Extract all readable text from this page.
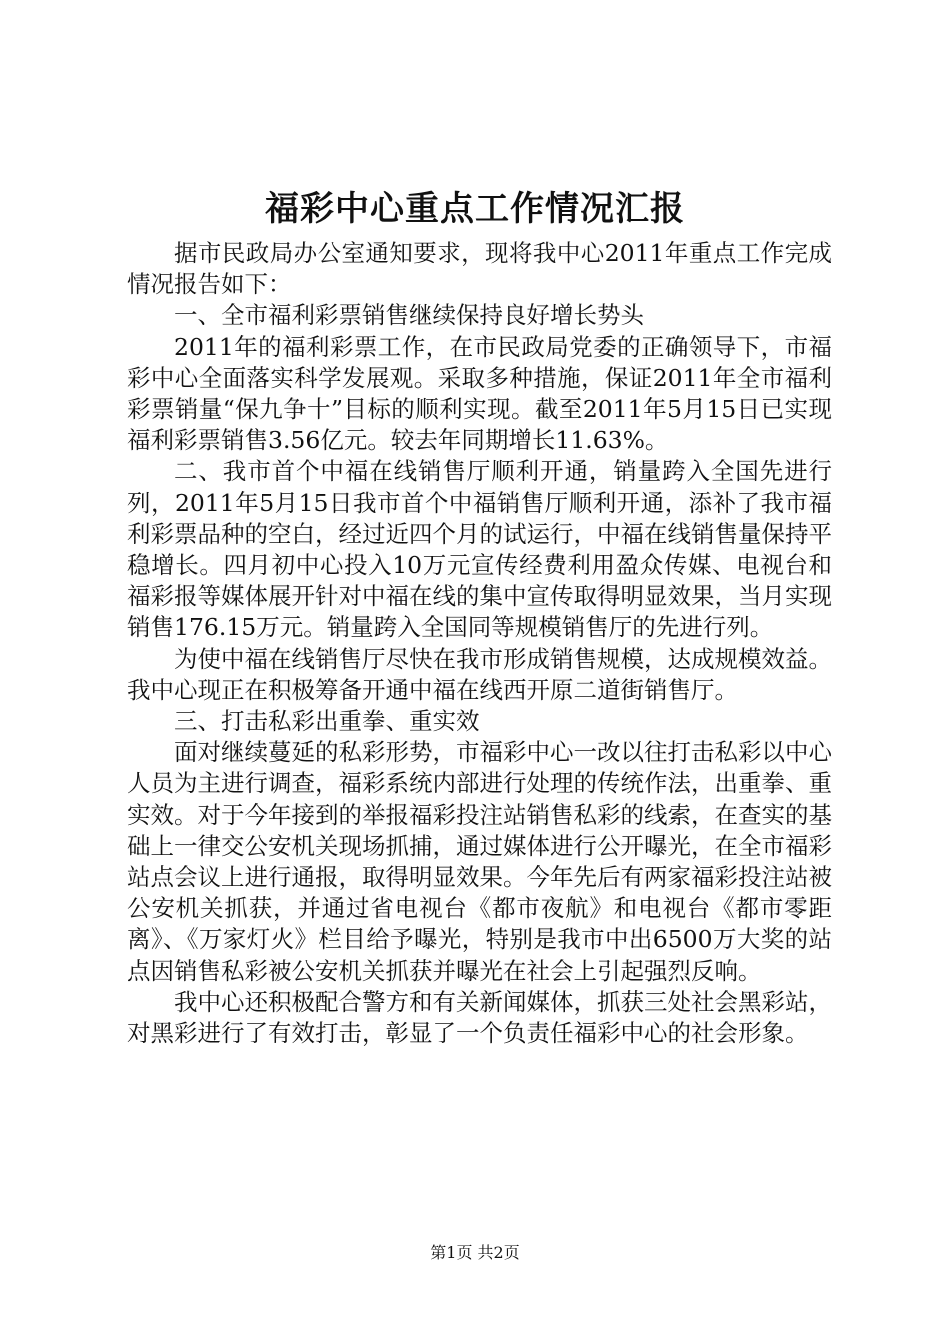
福彩中心重点工作情况汇报

据市民政局办公室通知要求，现将我中心2011年重点工作完成情况报告如下：

一、全市福利彩票销售继续保持良好增长势头

2011年的福利彩票工作，在市民政局党委的正确领导下，市福彩中心全面落实科学发展观。采取多种措施，保证2011年全市福利彩票销量“保九争十”目标的顺利实现。截至2011年5月15日已实现福利彩票销售3.56亿元。较去年同期增长11.63%。

二、我市首个中福在线销售厅顺利开通，销量跨入全国先进行列，2011年5月15日我市首个中福销售厅顺利开通，添补了我市福利彩票品种的空白，经过近四个月的试运行，中福在线销售量保持平稳增长。四月初中心投入10万元宣传经费利用盈众传媒、电视台和福彩报等媒体展开针对中福在线的集中宣传取得明显效果，当月实现销售176.15万元。销量跨入全国同等规模销售厅的先进行列。

为使中福在线销售厅尽快在我市形成销售规模，达成规模效益。我中心现正在积极筹备开通中福在线西开原二道街销售厅。

三、打击私彩出重拳、重实效

面对继续蔓延的私彩形势，市福彩中心一改以往打击私彩以中心人员为主进行调查，福彩系统内部进行处理的传统作法，出重拳、重实效。对于今年接到的举报福彩投注站销售私彩的线索，在查实的基础上一律交公安机关现场抓捕，通过媒体进行公开曝光，在全市福彩站点会议上进行通报，取得明显效果。今年先后有两家福彩投注站被公安机关抓获，并通过省电视台《都市夜航》和电视台《都市零距离》、《万家灯火》栏目给予曝光，特别是我市中出6500万大奖的站点因销售私彩被公安机关抓获并曝光在社会上引起强烈反响。

我中心还积极配合警方和有关新闻媒体，抓获三处社会黑彩站，对黑彩进行了有效打击，彰显了一个负责任福彩中心的社会形象。

第1页 共2页
